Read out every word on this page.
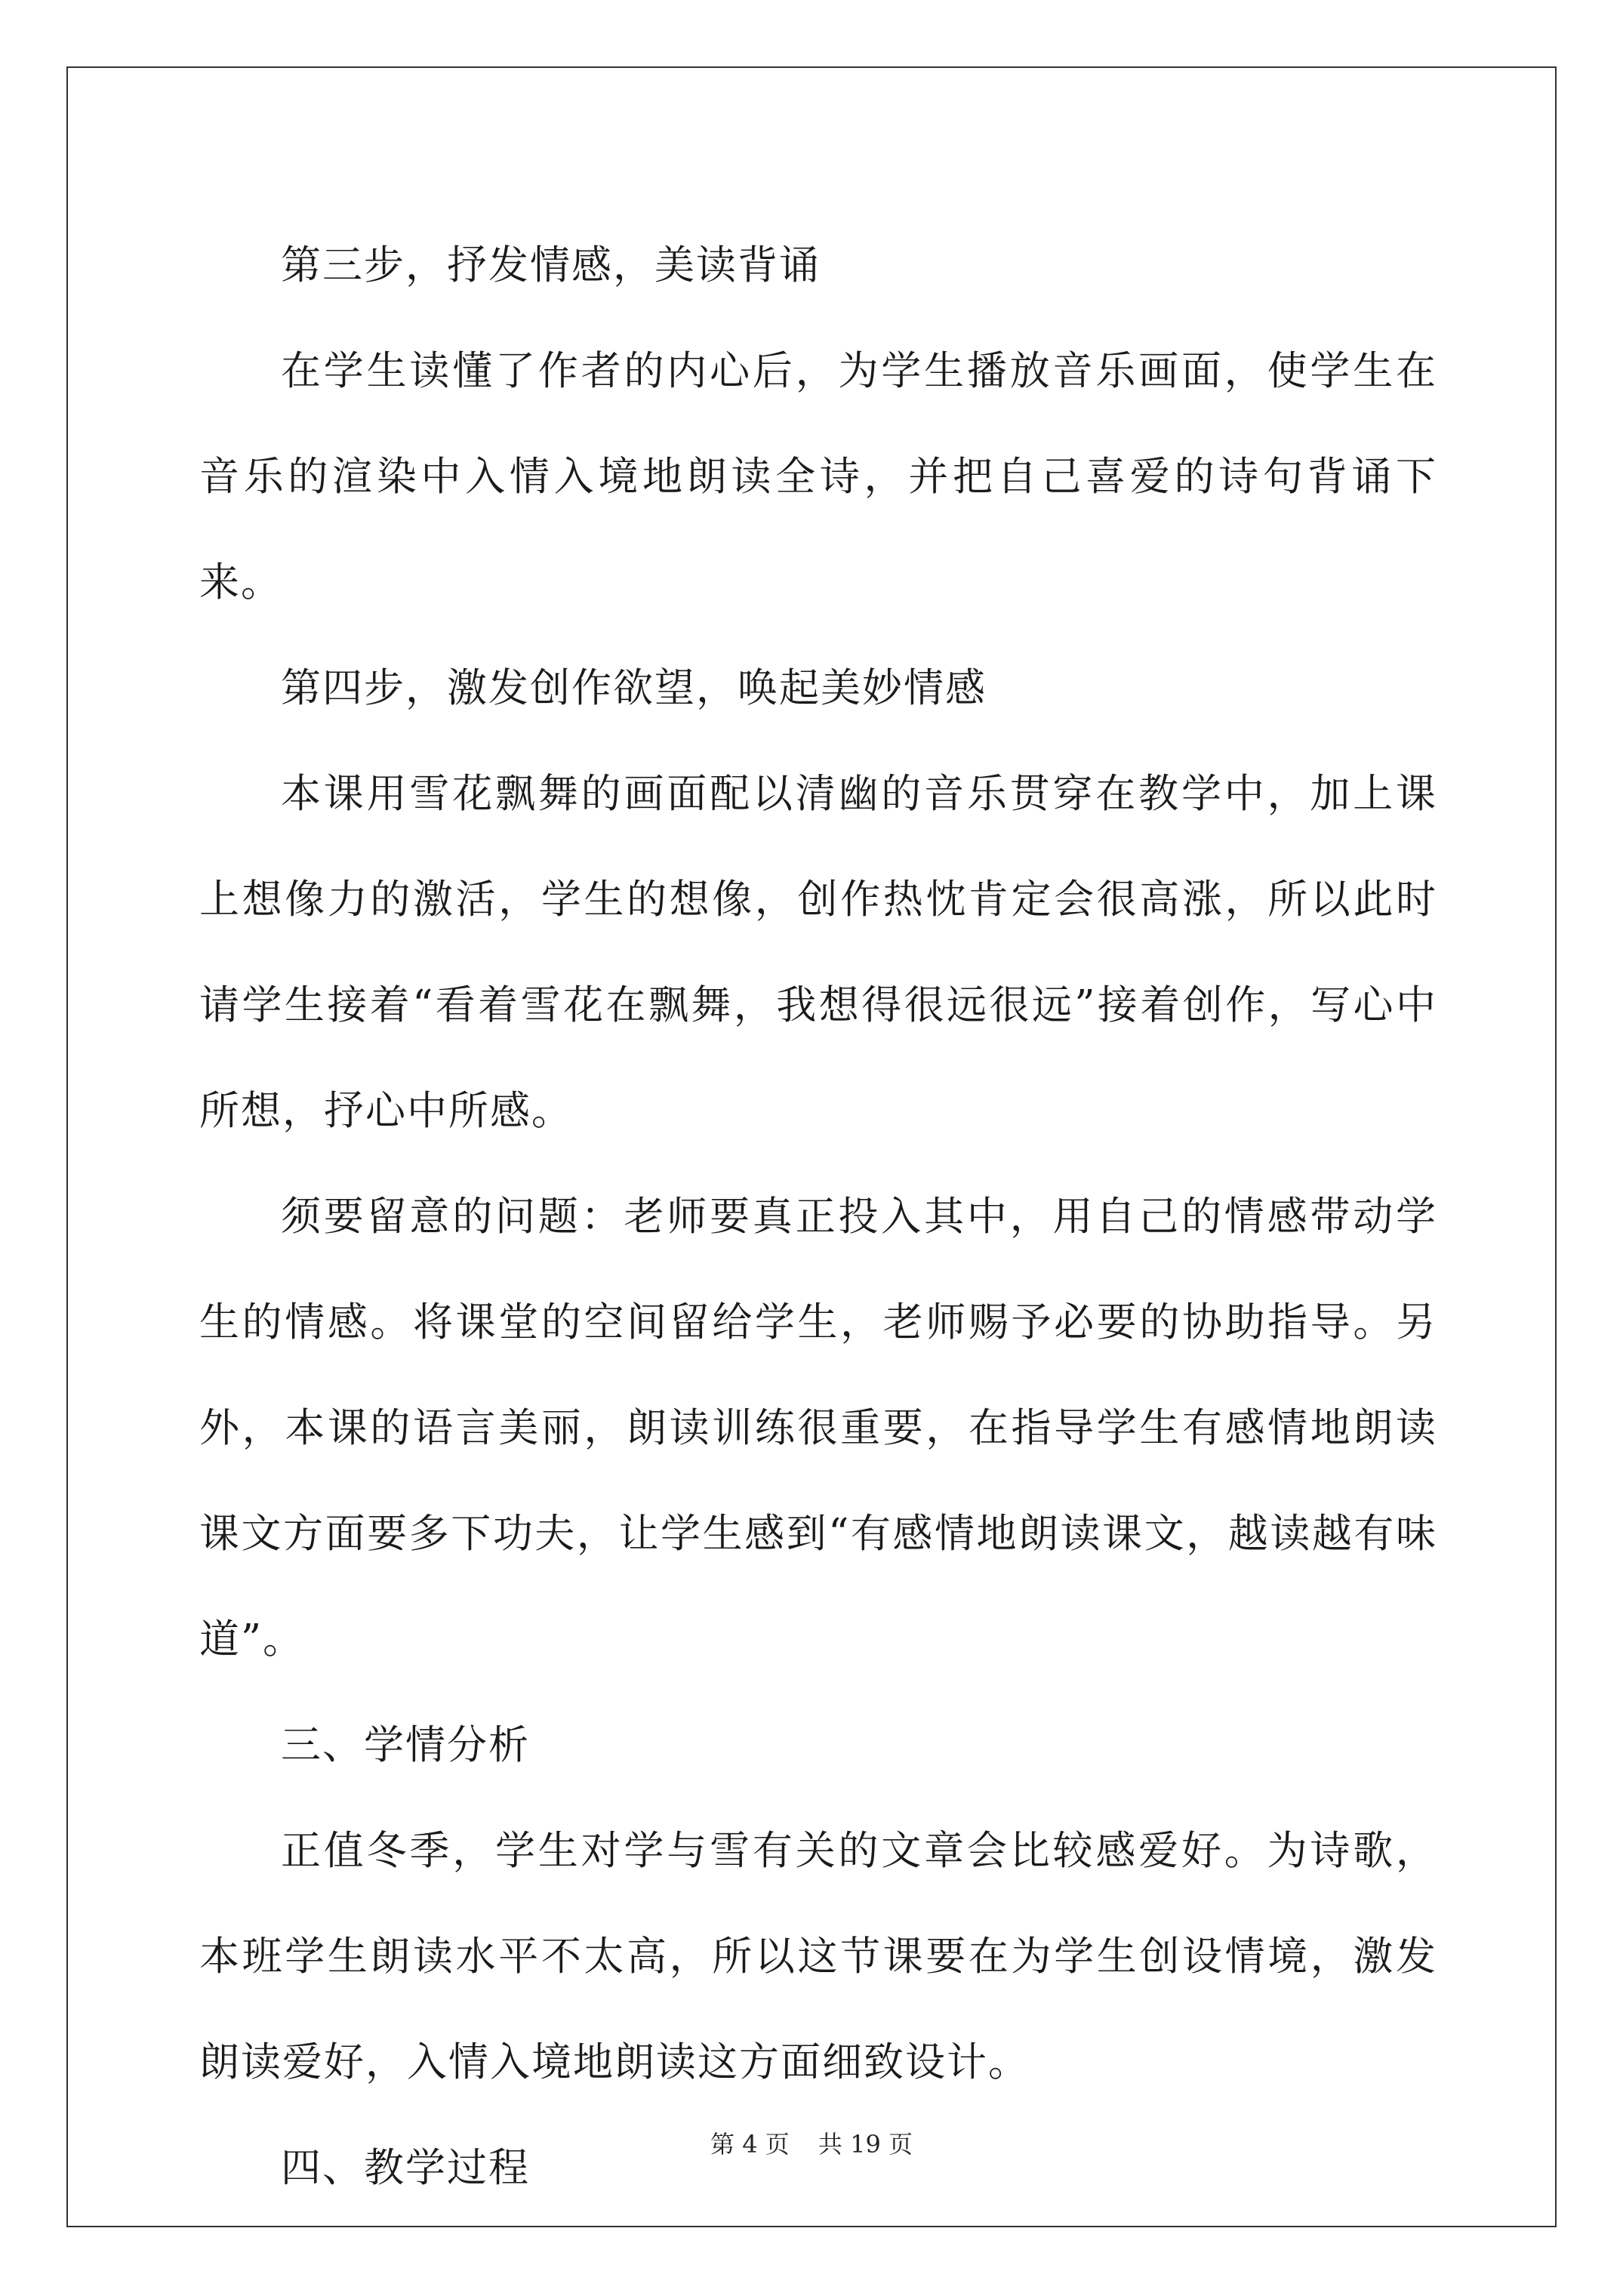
第三步，抒发情感，美读背诵

在学生读懂了作者的内心后，为学生播放音乐画面，使学生在音乐的渲染中入情入境地朗读全诗，并把自己喜爱的诗句背诵下来。

第四步，激发创作欲望，唤起美妙情感

本课用雪花飘舞的画面配以清幽的音乐贯穿在教学中，加上课上想像力的激活，学生的想像，创作热忱肯定会很高涨，所以此时请学生接着“看着雪花在飘舞，我想得很远很远”接着创作，写心中所想，抒心中所感。

须要留意的问题：老师要真正投入其中，用自己的情感带动学生的情感。将课堂的空间留给学生，老师赐予必要的协助指导。另外，本课的语言美丽，朗读训练很重要，在指导学生有感情地朗读课文方面要多下功夫，让学生感到“有感情地朗读课文，越读越有味道”。

三、学情分析

正值冬季，学生对学与雪有关的文章会比较感爱好。为诗歌，本班学生朗读水平不太高，所以这节课要在为学生创设情境，激发朗读爱好，入情入境地朗读这方面细致设计。

四、教学过程

第 4 页 共 19 页
